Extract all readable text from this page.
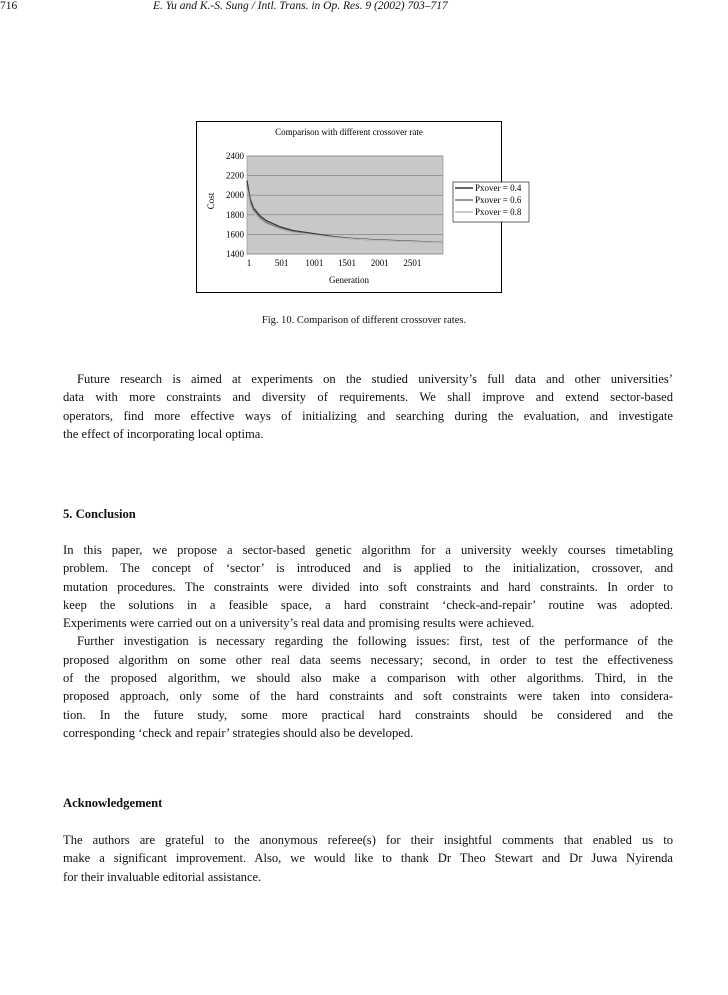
716	E. Yu and K.-S. Sung / Intl. Trans. in Op. Res. 9 (2002) 703–717
Comparison with different crossover rate
2400
2200
2000
1800
1600
1400
1	501 1001 1501 2001 2501
Generation
Cost
Pxover = 0.4
Pxover = 0.6
Pxover = 0.8
Fig. 10. Comparison of different crossover rates.
Future research is aimed at experiments on the studied university’s full data and other universities’
data with more constraints and diversity of requirements. We shall improve and extend sector-based
operators, find more effective ways of initializing and searching during the evaluation, and investigate
the effect of incorporating local optima.
5. Conclusion
In this paper, we propose a sector-based genetic algorithm for a university weekly courses timetabling
problem. The concept of ‘sector’ is introduced and is applied to the initialization, crossover, and
mutation procedures. The constraints were divided into soft constraints and hard constraints. In order to
keep the solutions in a feasible space, a hard constraint ‘check-and-repair’ routine was adopted.
Experiments were carried out on a university’s real data and promising results were achieved.
Further investigation is necessary regarding the following issues: first, test of the performance of the
proposed algorithm on some other real data seems necessary; second, in order to test the effectiveness
of the proposed algorithm, we should also make a comparison with other algorithms. Third, in the
proposed approach, only some of the hard constraints and soft constraints were taken into considera-
tion. In the future study, some more practical hard constraints should be considered and the
corresponding ‘check and repair’ strategies should also be developed.
Acknowledgement
The authors are grateful to the anonymous referee(s) for their insightful comments that enabled us to
make a significant improvement. Also, we would like to thank Dr Theo Stewart and Dr Juwa Nyirenda
for their invaluable editorial assistance.
